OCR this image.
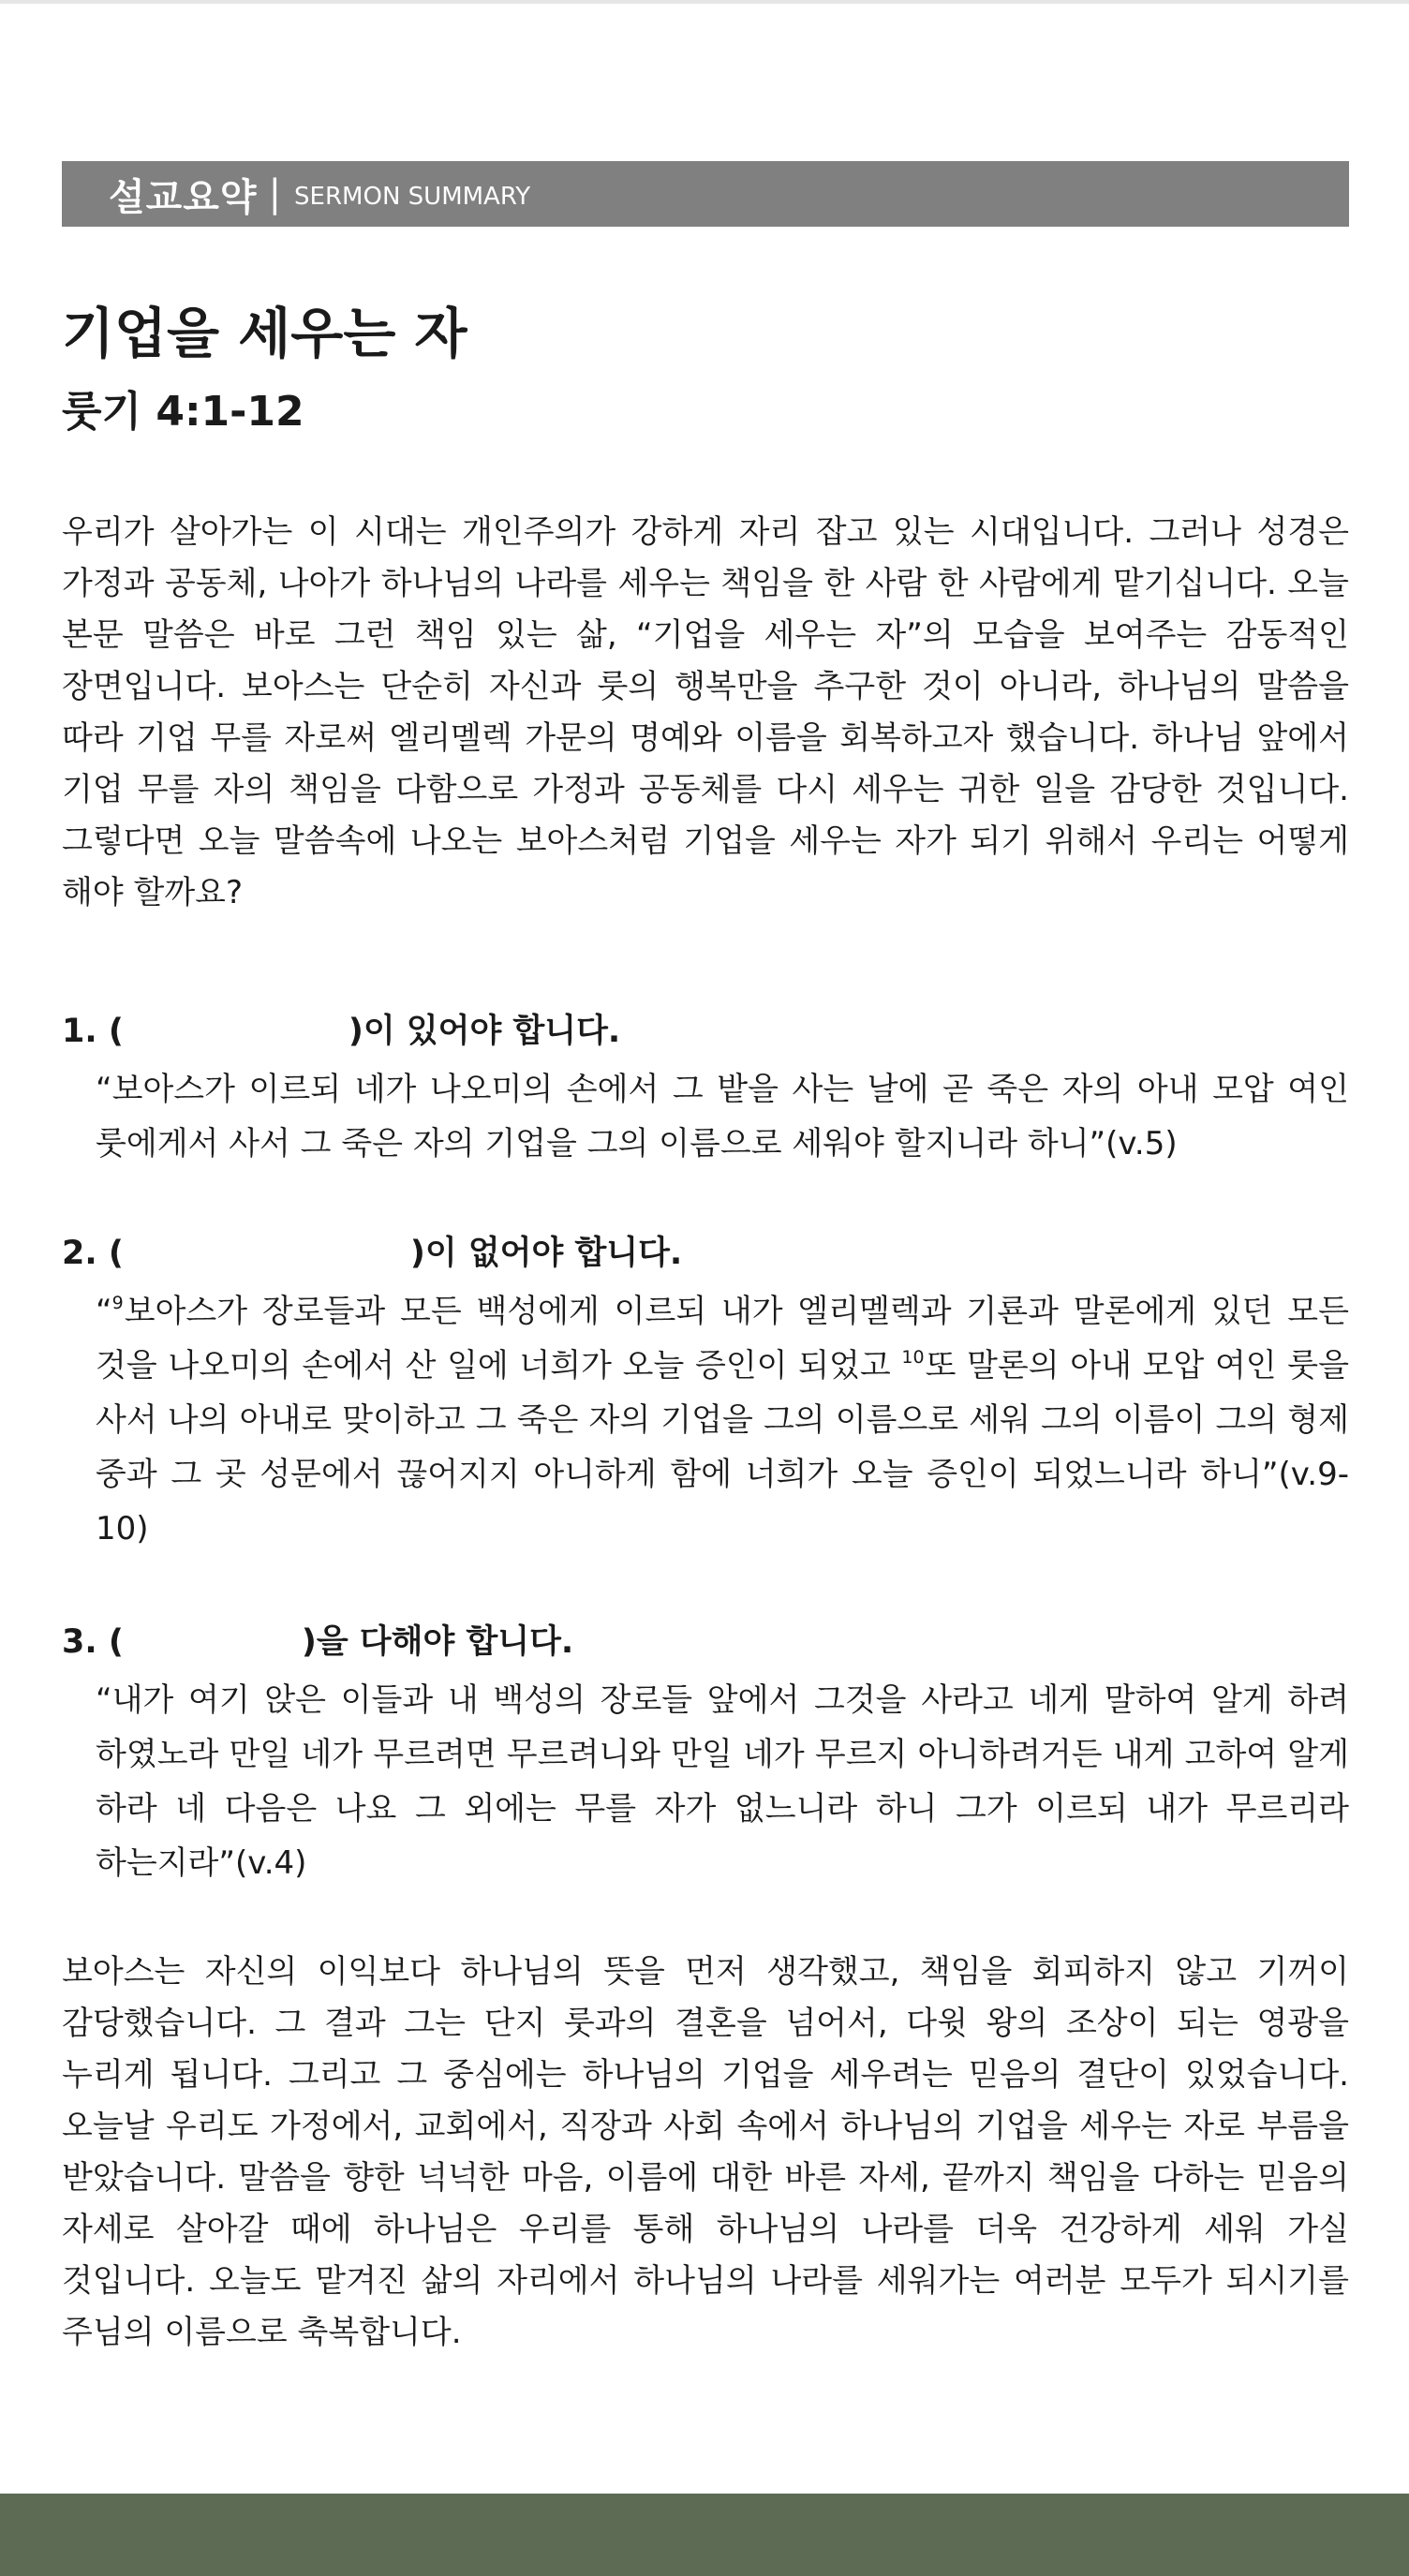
설교요약 | SERMON SUMMARY
기업을 세우는 자
룻기 4:1-12

우리가 살아가는 이 시대는 개인주의가 강하게 자리 잡고 있는 시대입니다. 그러나 성경은 가정과 공동체, 나아가 하나님의 나라를 세우는 책임을 한 사람 한 사람에게 맡기십니다. 오늘 본문 말씀은 바로 그런 책임 있는 삶, “기업을 세우는 자”의 모습을 보여주는 감동적인 장면입니다. 보아스는 단순히 자신과 룻의 행복만을 추구한 것이 아니라, 하나님의 말씀을 따라 기업 무를 자로써 엘리멜렉 가문의 명예와 이름을 회복하고자 했습니다. 하나님 앞에서 기업 무를 자의 책임을 다함으로 가정과 공동체를 다시 세우는 귀한 일을 감당한 것입니다. 그렇다면 오늘 말씀속에 나오는 보아스처럼 기업을 세우는 자가 되기 위해서 우리는 어떻게 해야 할까요?

1. (	)이 있어야 합니다.

“보아스가 이르되 네가 나오미의 손에서 그 밭을 사는 날에 곧 죽은 자의 아내 모압 여인 룻에게서 사서 그 죽은 자의 기업을 그의 이름으로 세워야 할지니라 하니”(v.5)

2. (	)이 없어야 합니다.

“$^9$보아스가 장로들과 모든 백성에게 이르되 내가 엘리멜렉과 기룐과 말론에게 있던 모든 것을 나오미의 손에서 산 일에 너희가 오늘 증인이 되었고 $^{10}$또 말론의 아내 모압 여인 룻을 사서 나의 아내로 맞이하고 그 죽은 자의 기업을 그의 이름으로 세워 그의 이름이 그의 형제 중과 그 곳 성문에서 끊어지지 아니하게 함에 너희가 오늘 증인이 되었느니라 하니”(v.9-10)

3. (	)을 다해야 합니다.

“내가 여기 앉은 이들과 내 백성의 장로들 앞에서 그것을 사라고 네게 말하여 알게 하려 하였노라 만일 네가 무르려면 무르려니와 만일 네가 무르지 아니하려거든 내게 고하여 알게 하라 네 다음은 나요 그 외에는 무를 자가 없느니라 하니 그가 이르되 내가 무르리라 하는지라”(v.4)

보아스는 자신의 이익보다 하나님의 뜻을 먼저 생각했고, 책임을 회피하지 않고 기꺼이 감당했습니다. 그 결과 그는 단지 룻과의 결혼을 넘어서, 다윗 왕의 조상이 되는 영광을 누리게 됩니다. 그리고 그 중심에는 하나님의 기업을 세우려는 믿음의 결단이 있었습니다. 오늘날 우리도 가정에서, 교회에서, 직장과 사회 속에서 하나님의 기업을 세우는 자로 부름을 받았습니다. 말씀을 향한 넉넉한 마음, 이름에 대한 바른 자세, 끝까지 책임을 다하는 믿음의 자세로 살아갈 때에 하나님은 우리를 통해 하나님의 나라를 더욱 건강하게 세워 가실 것입니다. 오늘도 맡겨진 삶의 자리에서 하나님의 나라를 세워가는 여러분 모두가 되시기를 주님의 이름으로 축복합니다.
